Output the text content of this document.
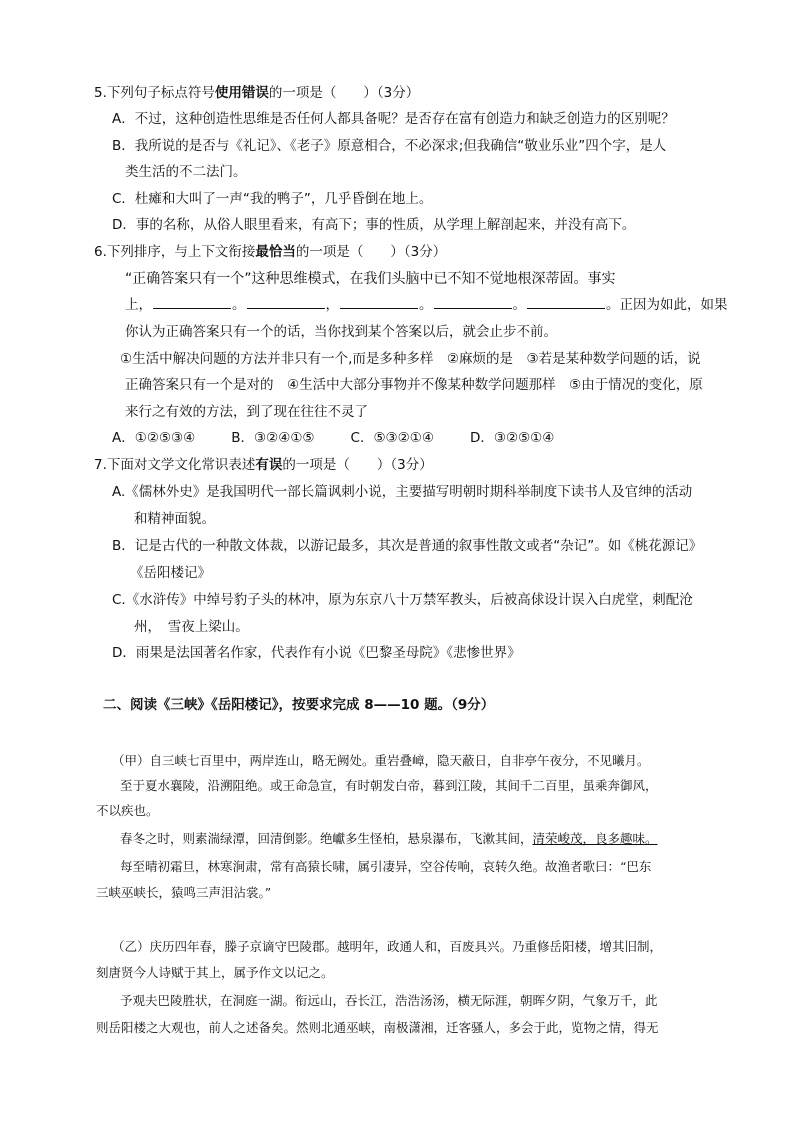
5.下列句子标点符号使用错误的一项是（　　）（3分）
A．不过，这种创造性思维是否任何人都具备呢？是否存在富有创造力和缺乏创造力的区别呢？
B．我所说的是否与《礼记》、《老子》原意相合，不必深求;但我确信“敬业乐业”四个字，是人
类生活的不二法门。
C．杜瘫和大叫了一声“我的鸭子”，几乎昏倒在地上。
D．事的名称，从俗人眼里看来，有高下；事的性质，从学理上解剖起来，并没有高下。
6.下列排序，与上下文衔接最恰当的一项是（　　）（3分）
“正确答案只有一个”这种思维模式，在我们头脑中已不知不觉地根深蒂固。事实
上，	。	，	。	。	。正因为如此，如果
你认为正确答案只有一个的话，当你找到某个答案以后，就会止步不前。
①生活中解决问题的方法并非只有一个,而是多种多样　②麻烦的是　③若是某种数学问题的话，说
正确答案只有一个是对的　④生活中大部分事物并不像某种数学问题那样　⑤由于情况的变化，原
来行之有效的方法，到了现在往往不灵了
A．①②⑤③④	B．③②④①⑤	C．⑤③②①④	D．③②⑤①④
7.下面对文学文化常识表述有误的一项是（　　）（3分）
A.《儒林外史》是我国明代一部长篇讽刺小说，主要描写明朝时期科举制度下读书人及官绅的活动
和精神面貌。
B．记是古代的一种散文体裁，以游记最多，其次是普通的叙事性散文或者“杂记”。如《桃花源记》
《岳阳楼记》
C.《水浒传》中绰号豹子头的林冲，原为东京八十万禁军教头，后被高俅设计误入白虎堂，刺配沧
州，　雪夜上梁山。
D．雨果是法国著名作家，代表作有小说《巴黎圣母院》《悲惨世界》
二、阅读《三峡》《岳阳楼记》，按要求完成 8——10 题。（9分）
（甲）自三峡七百里中，两岸连山，略无阙处。重岩叠嶂，隐天蔽日，自非亭午夜分，不见曦月。
至于夏水襄陵，沿溯阻绝。或王命急宣，有时朝发白帝，暮到江陵，其间千二百里，虽乘奔御风，
不以疾也。
春冬之时，则素湍绿潭，回清倒影。绝巘多生怪柏，悬泉瀑布，飞漱其间，清荣峻茂，良多趣味。
每至晴初霜旦，林寒涧肃，常有高猿长啸，属引凄异，空谷传响，哀转久绝。故渔者歌曰：“巴东
三峡巫峡长，猿鸣三声泪沾裳。”
（乙）庆历四年春，滕子京谪守巴陵郡。越明年，政通人和，百废具兴。乃重修岳阳楼，增其旧制，
刻唐贤今人诗赋于其上，属予作文以记之。
予观夫巴陵胜状，在洞庭一湖。衔远山，吞长江，浩浩汤汤，横无际涯，朝晖夕阴，气象万千，此
则岳阳楼之大观也，前人之述备矣。然则北通巫峡，南极潇湘，迁客骚人，多会于此，览物之情，得无
